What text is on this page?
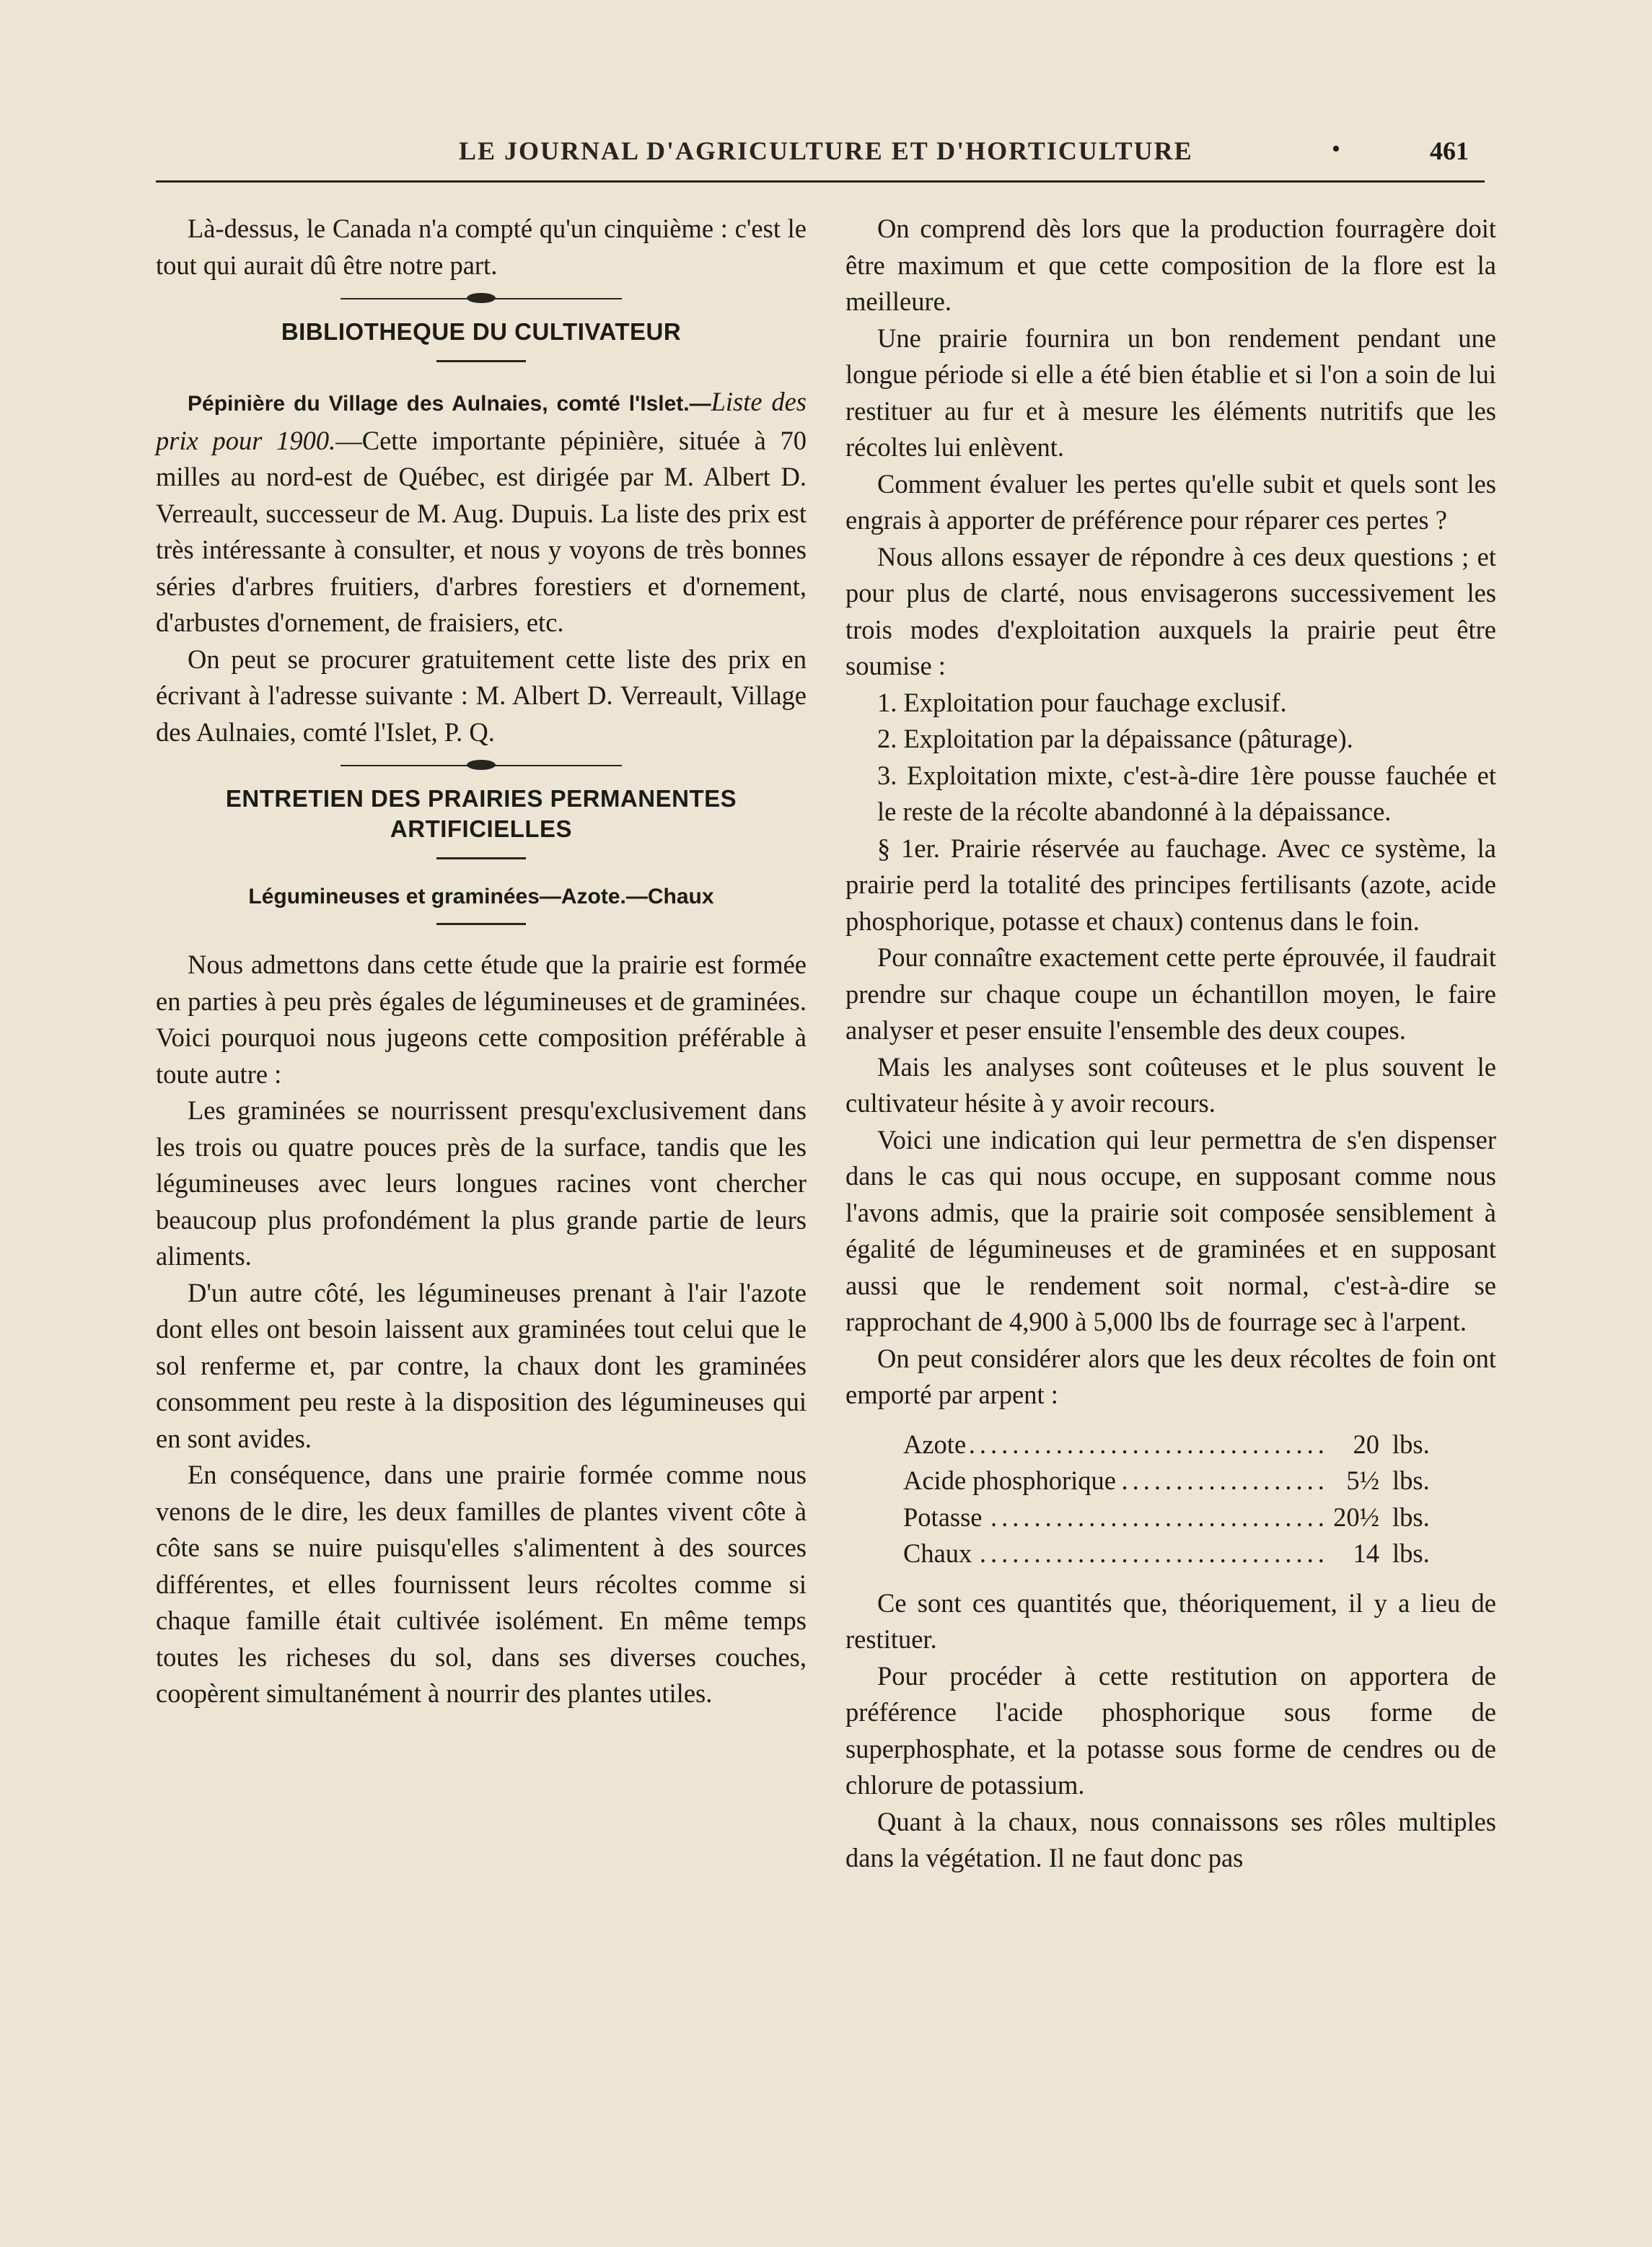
LE JOURNAL D'AGRICULTURE ET D'HORTICULTURE	•	461

Là-dessus, le Canada n'a compté qu'un cinquième : c'est le tout qui aurait dû être notre part.

BIBLIOTHEQUE DU CULTIVATEUR

Pépinière du Village des Aulnaies, comté l'Islet.—Liste des prix pour 1900.—Cette importante pépinière, située à 70 milles au nord-est de Québec, est dirigée par M. Albert D. Verreault, successeur de M. Aug. Dupuis. La liste des prix est très intéressante à consulter, et nous y voyons de très bonnes séries d'arbres fruitiers, d'arbres forestiers et d'ornement, d'arbustes d'ornement, de fraisiers, etc.

On peut se procurer gratuitement cette liste des prix en écrivant à l'adresse suivante : M. Albert D. Verreault, Village des Aulnaies, comté l'Islet, P. Q.

ENTRETIEN DES PRAIRIES PERMANENTES
ARTIFICIELLES

Légumineuses et graminées—Azote.—Chaux

Nous admettons dans cette étude que la prairie est formée en parties à peu près égales de légumineuses et de graminées. Voici pourquoi nous jugeons cette composition préférable à toute autre :

Les graminées se nourrissent presqu'exclusivement dans les trois ou quatre pouces près de la surface, tandis que les légumineuses avec leurs longues racines vont chercher beaucoup plus profondément la plus grande partie de leurs aliments.

D'un autre côté, les légumineuses prenant à l'air l'azote dont elles ont besoin laissent aux graminées tout celui que le sol renferme et, par contre, la chaux dont les graminées consomment peu reste à la disposition des légumineuses qui en sont avides.

En conséquence, dans une prairie formée comme nous venons de le dire, les deux familles de plantes vivent côte à côte sans se nuire puisqu'elles s'alimentent à des sources différentes, et elles fournissent leurs récoltes comme si chaque famille était cultivée isolément. En même temps toutes les richeses du sol, dans ses diverses couches, coopèrent simultanément à nourrir des plantes utiles.

On comprend dès lors que la production fourragère doit être maximum et que cette composition de la flore est la meilleure.

Une prairie fournira un bon rendement pendant une longue période si elle a été bien établie et si l'on a soin de lui restituer au fur et à mesure les éléments nutritifs que les récoltes lui enlèvent.

Comment évaluer les pertes qu'elle subit et quels sont les engrais à apporter de préférence pour réparer ces pertes ?

Nous allons essayer de répondre à ces deux questions ; et pour plus de clarté, nous envisagerons successivement les trois modes d'exploitation auxquels la prairie peut être soumise :

1. Exploitation pour fauchage exclusif.

2. Exploitation par la dépaissance (pâturage).

3. Exploitation mixte, c'est-à-dire 1ère pousse fauchée et le reste de la récolte abandonné à la dépaissance.

§ 1er. Prairie réservée au fauchage. Avec ce système, la prairie perd la totalité des principes fertilisants (azote, acide phosphorique, potasse et chaux) contenus dans le foin.

Pour connaître exactement cette perte éprouvée, il faudrait prendre sur chaque coupe un échantillon moyen, le faire analyser et peser ensuite l'ensemble des deux coupes.

Mais les analyses sont coûteuses et le plus souvent le cultivateur hésite à y avoir recours.

Voici une indication qui leur permettra de s'en dispenser dans le cas qui nous occupe, en supposant comme nous l'avons admis, que la prairie soit composée sensiblement à égalité de légumineuses et de graminées et en supposant aussi que le rendement soit normal, c'est-à-dire se rapprochant de 4,900 à 5,000 lbs de fourrage sec à l'arpent.

On peut considérer alors que les deux récoltes de foin ont emporté par arpent :

Azote .....	20	lbs.

Acide phosphorique .....	5½	lbs.

Potasse .....	20½	lbs.

Chaux .....	14	lbs.

Ce sont ces quantités que, théoriquement, il y a lieu de restituer.

Pour procéder à cette restitution on apportera de préférence l'acide phosphorique sous forme de superphosphate, et la potasse sous forme de cendres ou de chlorure de potassium.

Quant à la chaux, nous connaissons ses rôles multiples dans la végétation. Il ne faut donc pas
